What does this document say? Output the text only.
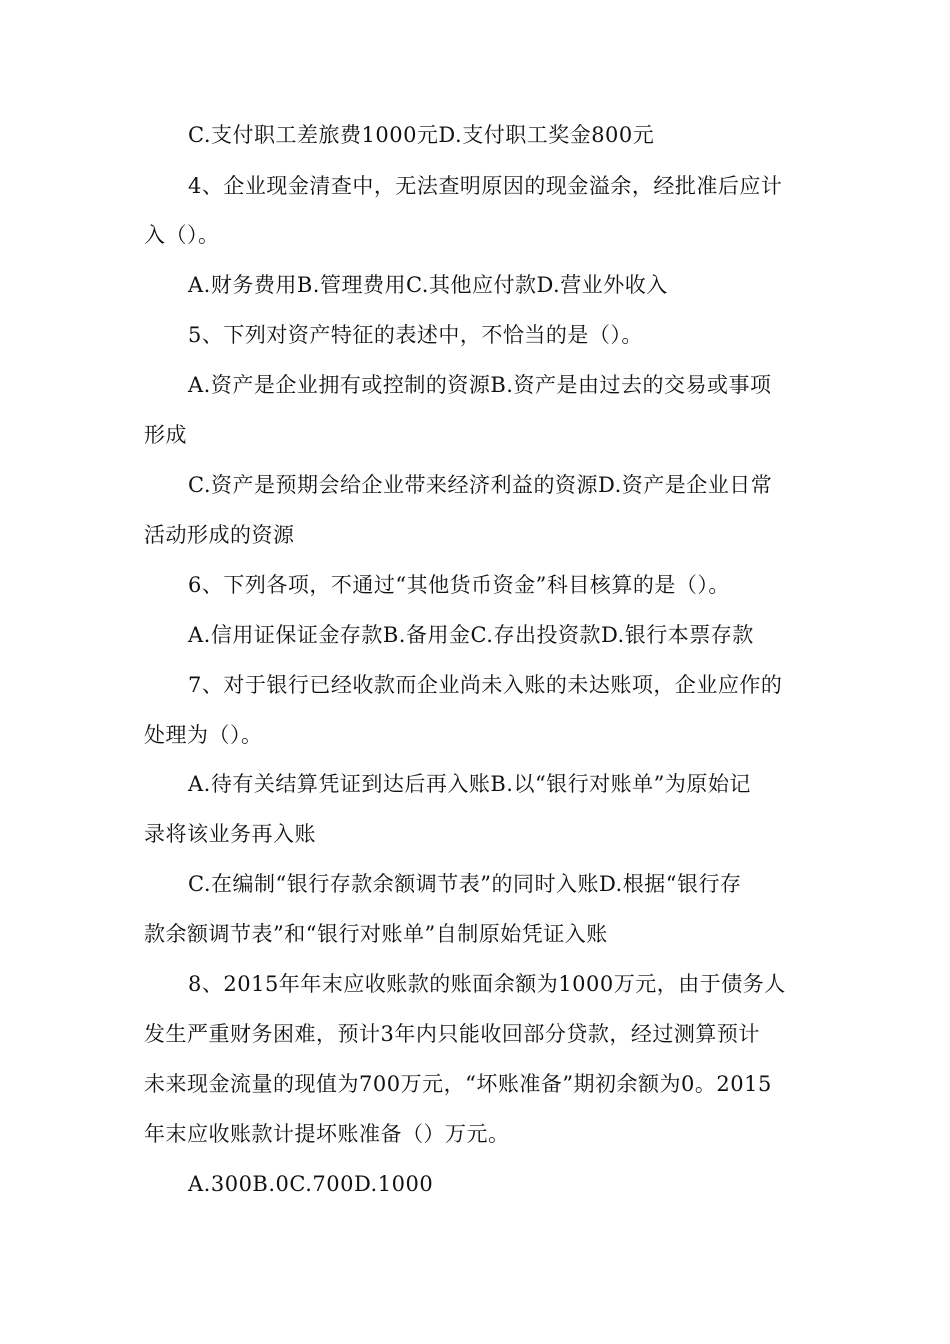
C.支付职工差旅费1000元D.支付职工奖金800元
4、企业现金清查中，无法查明原因的现金溢余，经批准后应计
入（）。
A.财务费用B.管理费用C.其他应付款D.营业外收入
5、下列对资产特征的表述中，不恰当的是（）。
A.资产是企业拥有或控制的资源B.资产是由过去的交易或事项
形成
C.资产是预期会给企业带来经济利益的资源D.资产是企业日常
活动形成的资源
6、下列各项，不通过“其他货币资金”科目核算的是（）。
A.信用证保证金存款B.备用金C.存出投资款D.银行本票存款
7、对于银行已经收款而企业尚未入账的未达账项，企业应作的
处理为（）。
A.待有关结算凭证到达后再入账B.以“银行对账单”为原始记
录将该业务再入账
C.在编制“银行存款余额调节表”的同时入账D.根据“银行存
款余额调节表”和“银行对账单”自制原始凭证入账
8、2015年年末应收账款的账面余额为1000万元，由于债务人
发生严重财务困难，预计3年内只能收回部分贷款，经过测算预计
未来现金流量的现值为700万元，“坏账准备”期初余额为0。2015
年末应收账款计提坏账准备（）万元。
A.300B.0C.700D.1000
